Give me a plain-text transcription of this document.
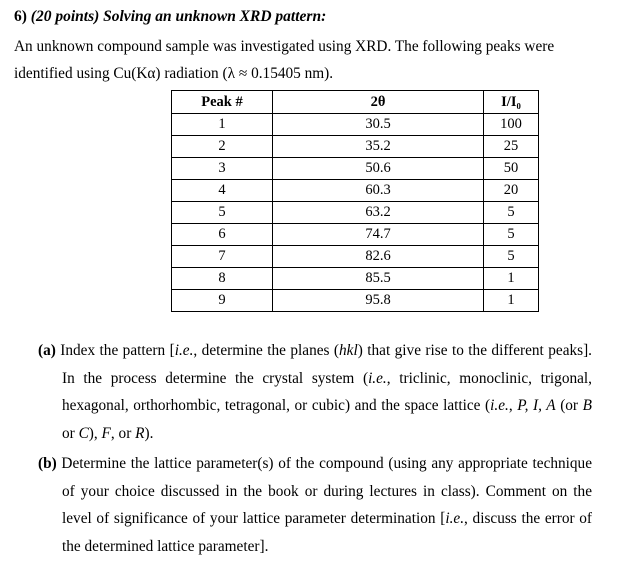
6) (20 points) Solving an unknown XRD pattern:
An unknown compound sample was investigated using XRD. The following peaks were
identified using Cu(Kα) radiation (λ ≈ 0.15405 nm).
Peak #	2θ	I/I₀
1	30.5	100
2	35.2	25
3	50.6	50
4	60.3	20
5	63.2	5
6	74.7	5
7	82.6	5
8	85.5	1
9	95.8	1
(a) Index the pattern [i.e., determine the planes (hkl) that give rise to the different peaks]. In the process determine the crystal system (i.e., triclinic, monoclinic, trigonal, hexagonal, orthorhombic, tetragonal, or cubic) and the space lattice (i.e., P, I, A (or B or C), F, or R).
(b) Determine the lattice parameter(s) of the compound (using any appropriate technique of your choice discussed in the book or during lectures in class). Comment on the level of significance of your lattice parameter determination [i.e., discuss the error of the determined lattice parameter].
